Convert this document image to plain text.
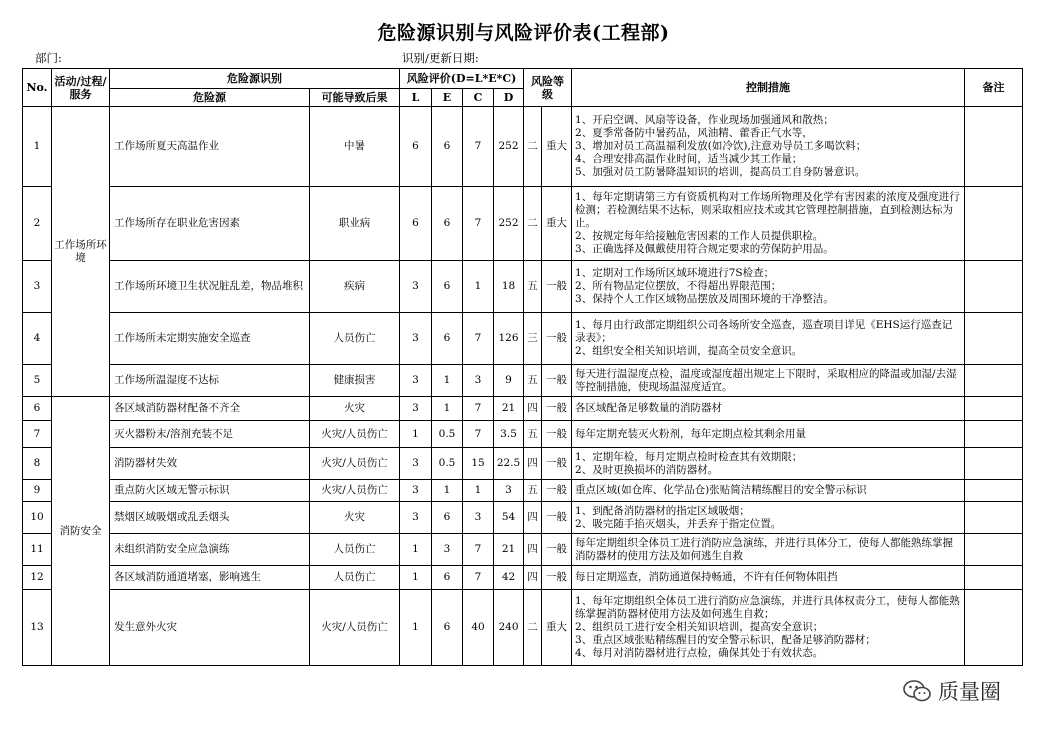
危险源识别与风险评价表(工程部)
部门:	识别/更新日期:
No.	活动/过程/服务	危险源识别		风险评价(D=L*E*C)				风险等级		控制措施	备注
		危险源	可能导致后果	L	E	C	D				
1	工作场所环境	工作场所夏天高温作业	中暑	6	6	7	252	二	重大	1、开启空调、风扇等设备，作业现场加强通风和散热；
2、夏季常备防中暑药品，风油精、藿香正气水等，
3、增加对员工高温福利发放(如冷饮),注意劝导员工多喝饮料；
4、合理安排高温作业时间，适当减少其工作量；
5、加强对员工防暑降温知识的培训，提高员工自身防暑意识。	

2		工作场所存在职业危害因素	职业病	6	6	7	252	二	重大	1、每年定期请第三方有资质机构对工作场所物理及化学有害因素的浓度及强度进行检测；若检测结果不达标，则采取相应技术或其它管理控制措施，直到检测达标为止。
2、按规定每年给接触危害因素的工作人员提供职检。
3、正确选择及佩戴使用符合规定要求的劳保防护用品。	

3		工作场所环境卫生状况脏乱差，物品堆积	疾病	3	6	1	18	五	一般	1、定期对工作场所区域环境进行7S检查；
2、所有物品定位摆放，不得超出界限范围；
3、保持个人工作区域物品摆放及周围环境的干净整洁。	

4		工作场所未定期实施安全巡查	人员伤亡	3	6	7	126	三	一般	1、每月由行政部定期组织公司各场所安全巡查，巡查项目详见《EHS运行巡查记录表》；
2、组织安全相关知识培训，提高全员安全意识。	

5		工作场所温湿度不达标	健康损害	3	1	3	9	五	一般	每天进行温湿度点检，温度或湿度超出规定上下限时，采取相应的降温或加湿/去湿等控制措施，使现场温湿度适宜。	

6	消防安全	各区域消防器材配备不齐全	火灾	3	1	7	21	四	一般	各区域配备足够数量的消防器材	

7		灭火器粉末/溶剂充装不足	火灾/人员伤亡	1	0.5	7	3.5	五	一般	每年定期充装灭火粉剂，每年定期点检其剩余用量	

8		消防器材失效	火灾/人员伤亡	3	0.5	15	22.5	四	一般	1、定期年检，每月定期点检时检查其有效期限；
2、及时更换损坏的消防器材。	

9		重点防火区域无警示标识	火灾/人员伤亡	3	1	1	3	五	一般	重点区域(如仓库、化学品仓)张贴简洁精练醒目的安全警示标识	

10		禁烟区域吸烟或乱丢烟头	火灾	3	6	3	54	四	一般	1、到配备消防器材的指定区域吸烟；
2、吸完随手掐灭烟头，并丢弃于指定位置。	

11		未组织消防安全应急演练	人员伤亡	1	3	7	21	四	一般	每年定期组织全体员工进行消防应急演练，并进行具体分工，使每人都能熟练掌握消防器材的使用方法及如何逃生自救	

12		各区域消防通道堵塞，影响逃生	人员伤亡	1	6	7	42	四	一般	每日定期巡查，消防通道保持畅通，不许有任何物体阻挡	

13		发生意外火灾	火灾/人员伤亡	1	6	40	240	二	重大	1、每年定期组织全体员工进行消防应急演练，并进行具体权责分工，使每人都能熟练掌握消防器材使用方法及如何逃生自救；
2、组织员工进行安全相关知识培训，提高安全意识；
3、重点区域张贴精练醒目的安全警示标识，配备足够消防器材；
4、每月对消防器材进行点检，确保其处于有效状态。	

质量圈
